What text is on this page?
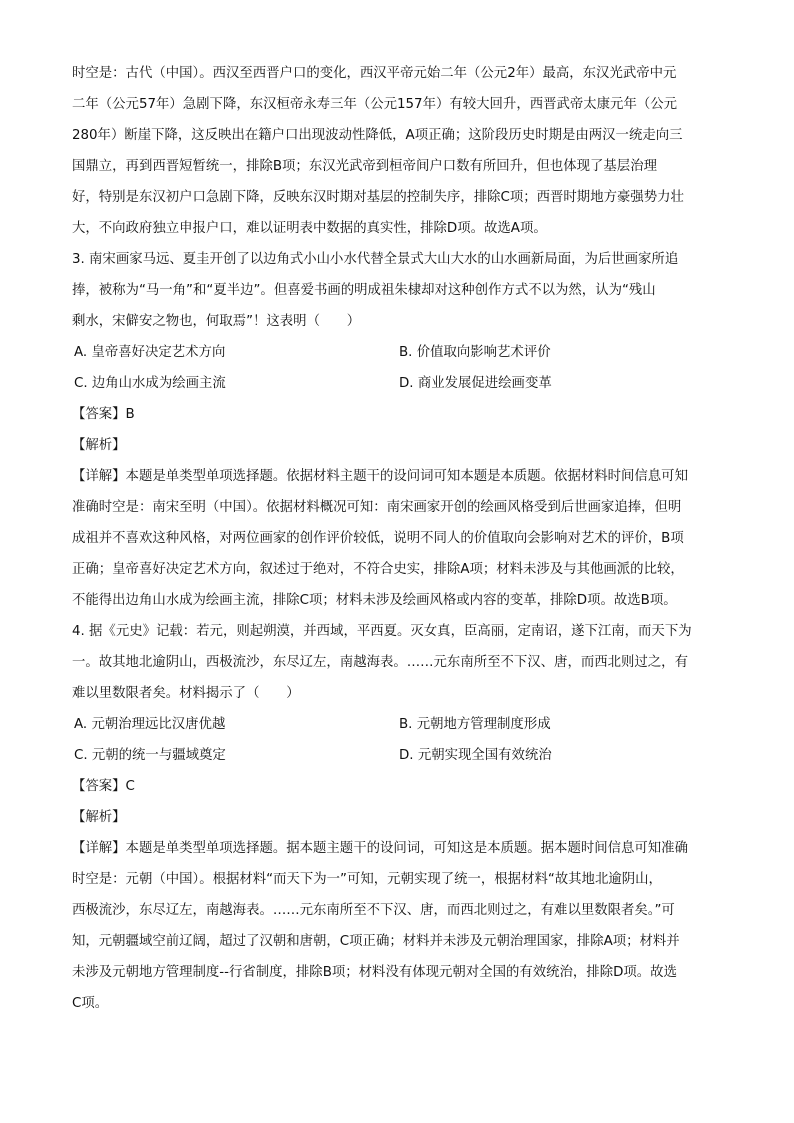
时空是：古代（中国）。西汉至西晋户口的变化，西汉平帝元始二年（公元2年）最高，东汉光武帝中元
二年（公元57年）急剧下降，东汉桓帝永寿三年（公元157年）有较大回升，西晋武帝太康元年（公元
280年）断崖下降，这反映出在籍户口出现波动性降低，A项正确；这阶段历史时期是由两汉一统走向三
国鼎立，再到西晋短暂统一，排除B项；东汉光武帝到桓帝间户口数有所回升，但也体现了基层治理
好，特别是东汉初户口急剧下降，反映东汉时期对基层的控制失序，排除C项；西晋时期地方豪强势力壮
大，不向政府独立申报户口，难以证明表中数据的真实性，排除D项。故选A项。
3. 南宋画家马远、夏圭开创了以边角式小山小水代替全景式大山大水的山水画新局面，为后世画家所追
捧，被称为“马一角”和“夏半边”。但喜爱书画的明成祖朱棣却对这种创作方式不以为然，认为“残山
剩水，宋僻安之物也，何取焉”！这表明（　　）
A. 皇帝喜好决定艺术方向	B. 价值取向影响艺术评价
C. 边角山水成为绘画主流	D. 商业发展促进绘画变革
【答案】B
【解析】
【详解】本题是单类型单项选择题。依据材料主题干的设问词可知本题是本质题。依据材料时间信息可知
准确时空是：南宋至明（中国）。依据材料概况可知：南宋画家开创的绘画风格受到后世画家追捧，但明
成祖并不喜欢这种风格，对两位画家的创作评价较低，说明不同人的价值取向会影响对艺术的评价，B项
正确；皇帝喜好决定艺术方向，叙述过于绝对，不符合史实，排除A项；材料未涉及与其他画派的比较，
不能得出边角山水成为绘画主流，排除C项；材料未涉及绘画风格或内容的变革，排除D项。故选B项。
4. 据《元史》记载：若元，则起朔漠，并西域，平西夏。灭女真，臣高丽，定南诏，遂下江南，而天下为
一。故其地北逾阴山，西极流沙，东尽辽左，南越海表。……元东南所至不下汉、唐，而西北则过之，有
难以里数限者矣。材料揭示了（　　）
A. 元朝治理远比汉唐优越	B. 元朝地方管理制度形成
C. 元朝的统一与疆域奠定	D. 元朝实现全国有效统治
【答案】C
【解析】
【详解】本题是单类型单项选择题。据本题主题干的设问词，可知这是本质题。据本题时间信息可知准确
时空是：元朝（中国）。根据材料“而天下为一”可知，元朝实现了统一，根据材料“故其地北逾阴山，
西极流沙，东尽辽左，南越海表。……元东南所至不下汉、唐，而西北则过之，有难以里数限者矣。”可
知，元朝疆域空前辽阔，超过了汉朝和唐朝，C项正确；材料并未涉及元朝治理国家，排除A项；材料并
未涉及元朝地方管理制度--行省制度，排除B项；材料没有体现元朝对全国的有效统治，排除D项。故选
C项。
